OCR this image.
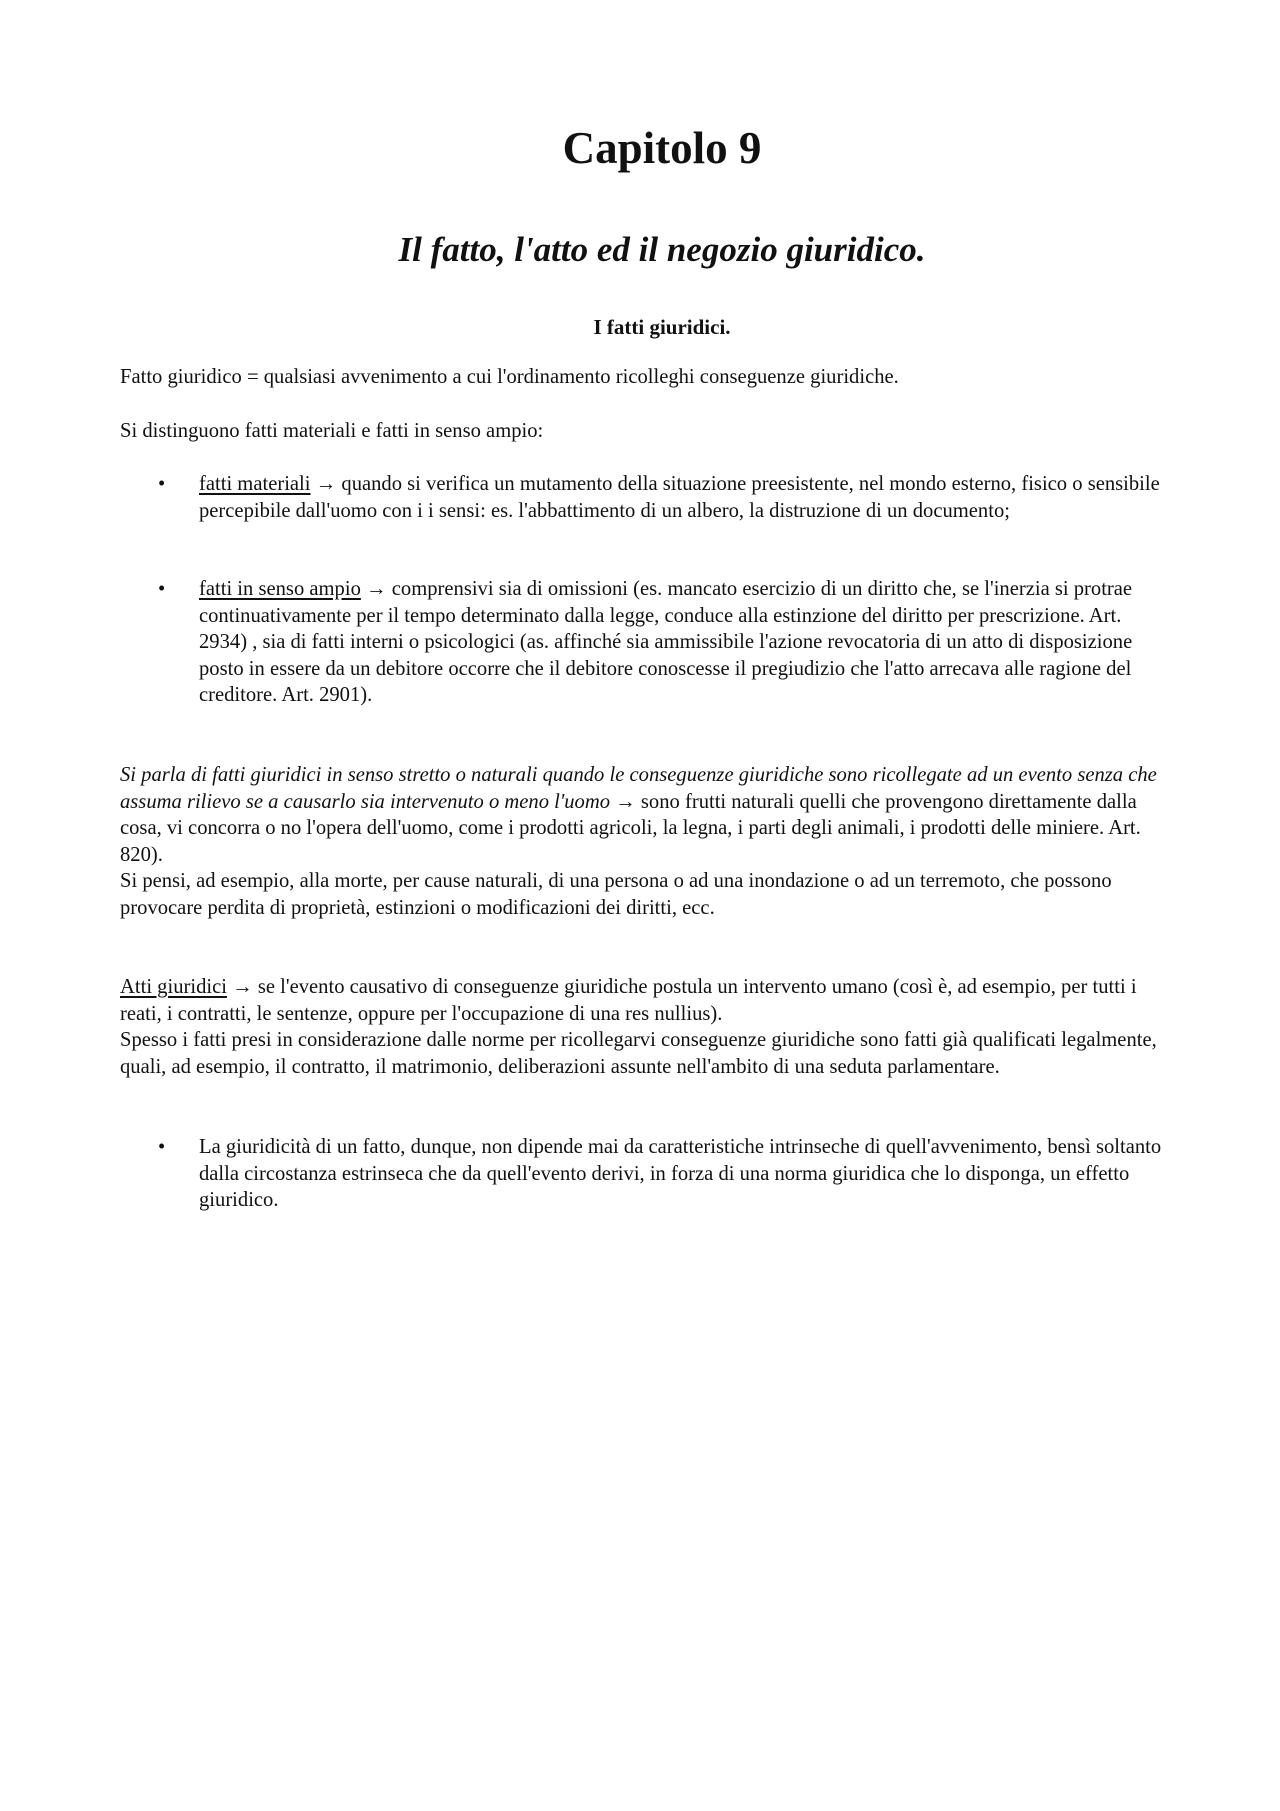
Capitolo 9
Il fatto, l'atto ed il negozio giuridico.
I fatti giuridici.

Fatto giuridico = qualsiasi avvenimento a cui l'ordinamento ricolleghi conseguenze giuridiche.

Si distinguono fatti materiali e fatti in senso ampio:

• fatti materiali → quando si verifica un mutamento della situazione preesistente, nel mondo esterno, fisico o sensibile percepibile dall'uomo con i i sensi: es. l'abbattimento di un albero, la distruzione di un documento;
• fatti in senso ampio → comprensivi sia di omissioni (es. mancato esercizio di un diritto che, se l'inerzia si protrae continuativamente per il tempo determinato dalla legge, conduce alla estinzione del diritto per prescrizione. Art. 2934) , sia di fatti interni o psicologici (as. affinché sia ammissibile l'azione revocatoria di un atto di disposizione posto in essere da un debitore occorre che il debitore conoscesse il pregiudizio che l'atto arrecava alle ragione del creditore. Art. 2901).
Si parla di fatti giuridici in senso stretto o naturali quando le conseguenze giuridiche sono ricollegate ad un evento senza che assuma rilievo se a causarlo sia intervenuto o meno l'uomo → sono frutti naturali quelli che provengono direttamente dalla cosa, vi concorra o no l'opera dell'uomo, come i prodotti agricoli, la legna, i parti degli animali, i prodotti delle miniere. Art. 820).
Si pensi, ad esempio, alla morte, per cause naturali, di una persona o ad una inondazione o ad un terremoto, che possono provocare perdita di proprietà, estinzioni o modificazioni dei diritti, ecc.
Atti giuridici → se l'evento causativo di conseguenze giuridiche postula un intervento umano (così è, ad esempio, per tutti i reati, i contratti, le sentenze, oppure per l'occupazione di una res nullius).
Spesso i fatti presi in considerazione dalle norme per ricollegarvi conseguenze giuridiche sono fatti già qualificati legalmente, quali, ad esempio, il contratto, il matrimonio, deliberazioni assunte nell'ambito di una seduta parlamentare.
• La giuridicità di un fatto, dunque, non dipende mai da caratteristiche intrinseche di quell'avvenimento, bensì soltanto dalla circostanza estrinseca che da quell'evento derivi, in forza di una norma giuridica che lo disponga, un effetto giuridico.
